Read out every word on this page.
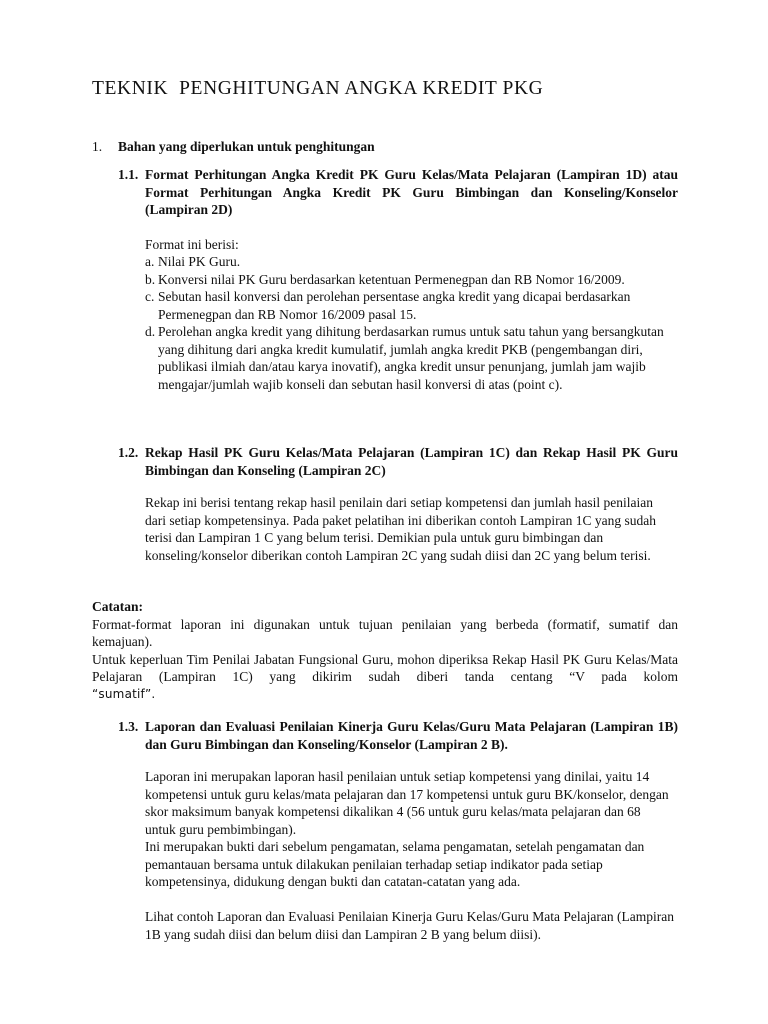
TEKNIK  PENGHITUNGAN ANGKA KREDIT PKG
1. Bahan yang diperlukan untuk penghitungan
1.1. Format Perhitungan Angka Kredit PK Guru Kelas/Mata Pelajaran (Lampiran 1D) atau Format Perhitungan Angka Kredit PK Guru Bimbingan dan Konseling/Konselor (Lampiran 2D)
Format ini berisi:
a. Nilai PK Guru.
b. Konversi nilai PK Guru berdasarkan ketentuan Permenegpan dan RB Nomor 16/2009.
c. Sebutan hasil konversi dan perolehan persentase angka kredit yang dicapai berdasarkan Permenegpan dan RB Nomor 16/2009 pasal 15.
d. Perolehan angka kredit yang dihitung berdasarkan rumus untuk satu tahun yang bersangkutan yang dihitung dari angka kredit kumulatif, jumlah angka kredit PKB (pengembangan diri, publikasi ilmiah dan/atau karya inovatif), angka kredit unsur penunjang, jumlah jam wajib mengajar/jumlah wajib konseli dan sebutan hasil konversi di atas (point c).
1.2. Rekap Hasil PK Guru Kelas/Mata Pelajaran (Lampiran 1C) dan Rekap Hasil PK Guru Bimbingan dan Konseling (Lampiran 2C)
Rekap ini berisi tentang rekap hasil penilain dari setiap kompetensi dan jumlah hasil penilaian dari setiap kompetensinya. Pada paket pelatihan ini diberikan contoh Lampiran 1C yang sudah terisi dan Lampiran 1 C yang belum terisi. Demikian pula untuk guru bimbingan dan konseling/konselor diberikan contoh Lampiran 2C yang sudah diisi dan 2C yang belum terisi.

Catatan:

Format-format laporan ini digunakan untuk tujuan penilaian yang berbeda (formatif, sumatif dan kemajuan).

Untuk keperluan Tim Penilai Jabatan Fungsional Guru, mohon diperiksa Rekap Hasil PK Guru Kelas/Mata Pelajaran (Lampiran 1C) yang dikirim sudah diberi tanda centang “V pada kolom

“sumatif”.

1.3. Laporan dan Evaluasi Penilaian Kinerja Guru Kelas/Guru Mata Pelajaran (Lampiran 1B) dan Guru Bimbingan dan Konseling/Konselor (Lampiran 2 B).
Laporan ini merupakan laporan hasil penilaian untuk setiap kompetensi yang dinilai, yaitu 14 kompetensi untuk guru kelas/mata pelajaran dan 17 kompetensi untuk guru BK/konselor, dengan skor maksimum banyak kompetensi dikalikan 4 (56 untuk guru kelas/mata pelajaran dan 68 untuk guru pembimbingan).
Ini merupakan bukti dari sebelum pengamatan, selama pengamatan, setelah pengamatan dan pemantauan bersama untuk dilakukan penilaian terhadap setiap indikator pada setiap kompetensinya, didukung dengan bukti dan catatan-catatan yang ada.
Lihat contoh Laporan dan Evaluasi Penilaian Kinerja Guru Kelas/Guru Mata Pelajaran (Lampiran 1B yang sudah diisi dan belum diisi dan Lampiran 2 B yang belum diisi).
